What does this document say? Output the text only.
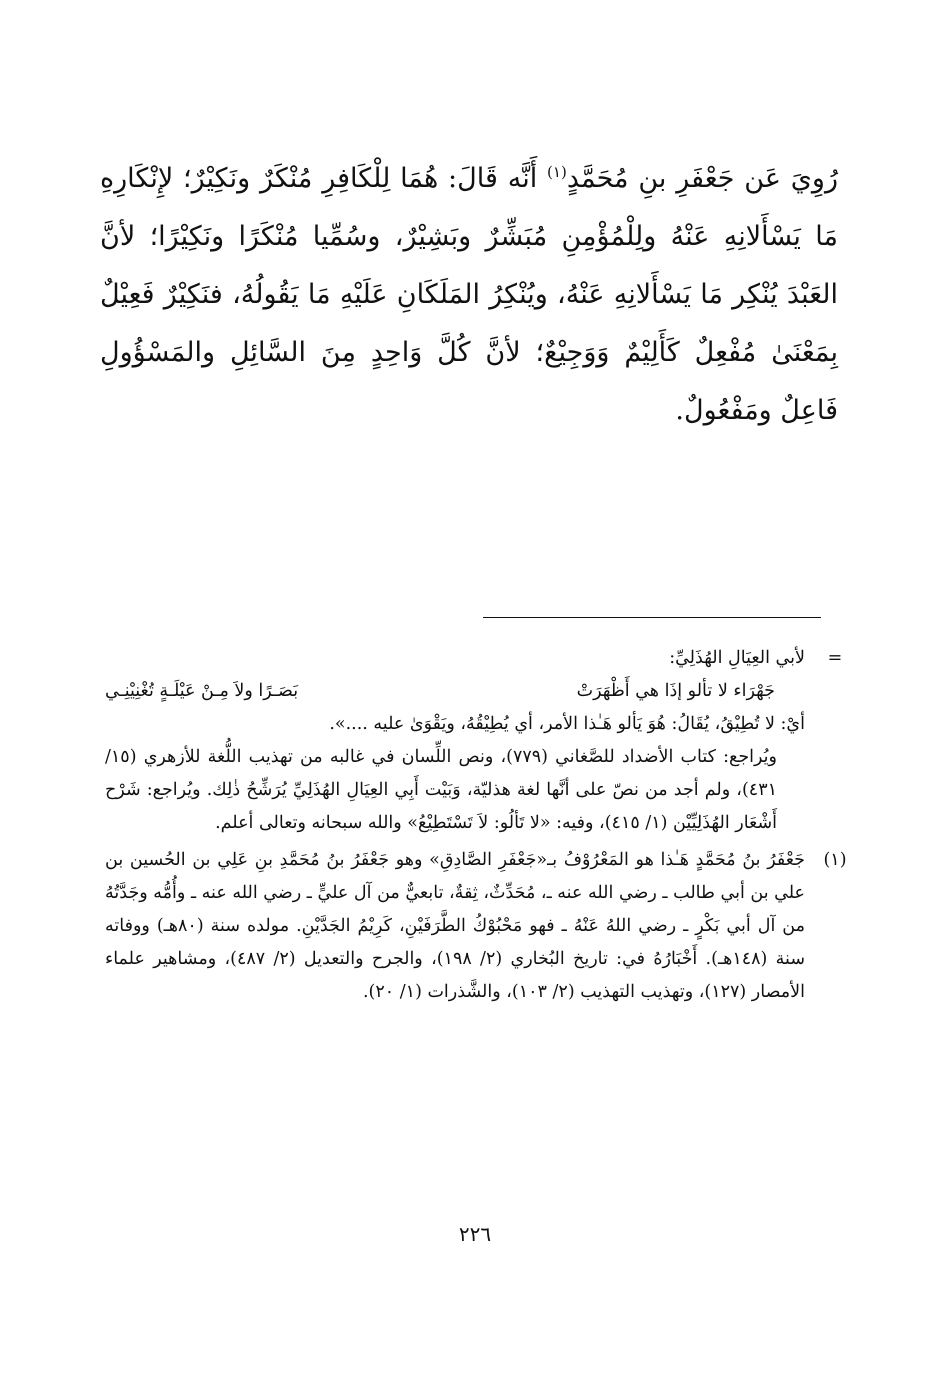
رُوِيَ عَن جَعْفَرِ بنِ مُحَمَّدٍ$^{(١)}$ أَنَّه قَالَ: هُمَا لِلْكَافِرِ مُنْكَرٌ ونَكِيْرٌ؛ لإِنْكَارِهِ مَا يَسْأَلانِهِ عَنْهُ ولِلْمُؤْمِنِ مُبَشِّرٌ وبَشِيْرٌ، وسُمِّيا مُنْكَرًا ونَكِيْرًا؛ لأنَّ العَبْدَ يُنْكِر مَا يَسْأَلانِهِ عَنْهُ، ويُنْكِرُ المَلَكَانِ عَلَيْهِ مَا يَقُولُهُ، فنَكِيْرٌ فَعِيْلٌ بِمَعْنَىٰ مُفْعِلٌ كَأَلِيْمٌ وَوَجِيْعٌ؛ لأنَّ كُلَّ وَاحِدٍ مِنَ السَّائِلِ والمَسْؤُولِ فَاعِلٌ ومَفْعُولٌ.

=

لأبي العِيَالِ الهُذَلِيِّ:

جَهْرَاء لا تألو إذَا هي أَظْهَرَتْ
بَصَـرًا ولاَ مِـنْ عَيْلَـةٍ تُغْنِيْنِـي

أيْ: لا تُطِيْقُ، يُقَالُ: هُوَ يَألو هَـٰذا الأمر، أي يُطِيْقُهُ، ويَقْوَىٰ عليه ....».

ويُراجع: كتاب الأضداد للصَّغاني (٧٧٩)، ونص اللِّسان في غالبه من تهذيب اللُّغة للأزهري (١٥/ ٤٣١)، ولم أجد من نصّ على أنَّها لغة هذليّة، وَبَيْت أَبِي العِيَالِ الهُذَلِيِّ يُرَشِّحُ ذٰلِك. ويُراجع: شَرْح أَشْعَار الهُذَلِيِّيْن (١/ ٤١٥)، وفيه: «لا تَألُو: لاَ تَسْتَطِيْعُ» والله سبحانه وتعالى أعلم.

(١)

جَعْفَرُ بنُ مُحَمَّدٍ هَـٰذا هو المَعْرُوْفُ بـ«جَعْفَرِ الصَّادِقِ» وهو جَعْفَرُ بنُ مُحَمَّدِ بنِ عَلِي بن الحُسين بن علي بن أبي طالب ـ رضي الله عنه ـ، مُحَدِّثٌ، ثِقةٌ، تابعيٌّ من آل عليٍّ ـ رضي الله عنه ـ وأُمُّه وجَدَّتُهُ من آل أبي بَكْرٍ ـ رضي اللهُ عَنْهُ ـ فهو مَحْبُوْكُ الطَّرَفَيْنِ، كَرِيْمُ الجَدَّيْنِ. مولده سنة (٨٠هـ) ووفاته سنة (١٤٨هـ). أَخْبَارُهُ في: تاريخ البُخاري (٢/ ١٩٨)، والجرح والتعديل (٢/ ٤٨٧)، ومشاهير علماء الأمصار (١٢٧)، وتهذيب التهذيب (٢/ ١٠٣)، والشَّذرات (١/ ٢٠).

٢٢٦
